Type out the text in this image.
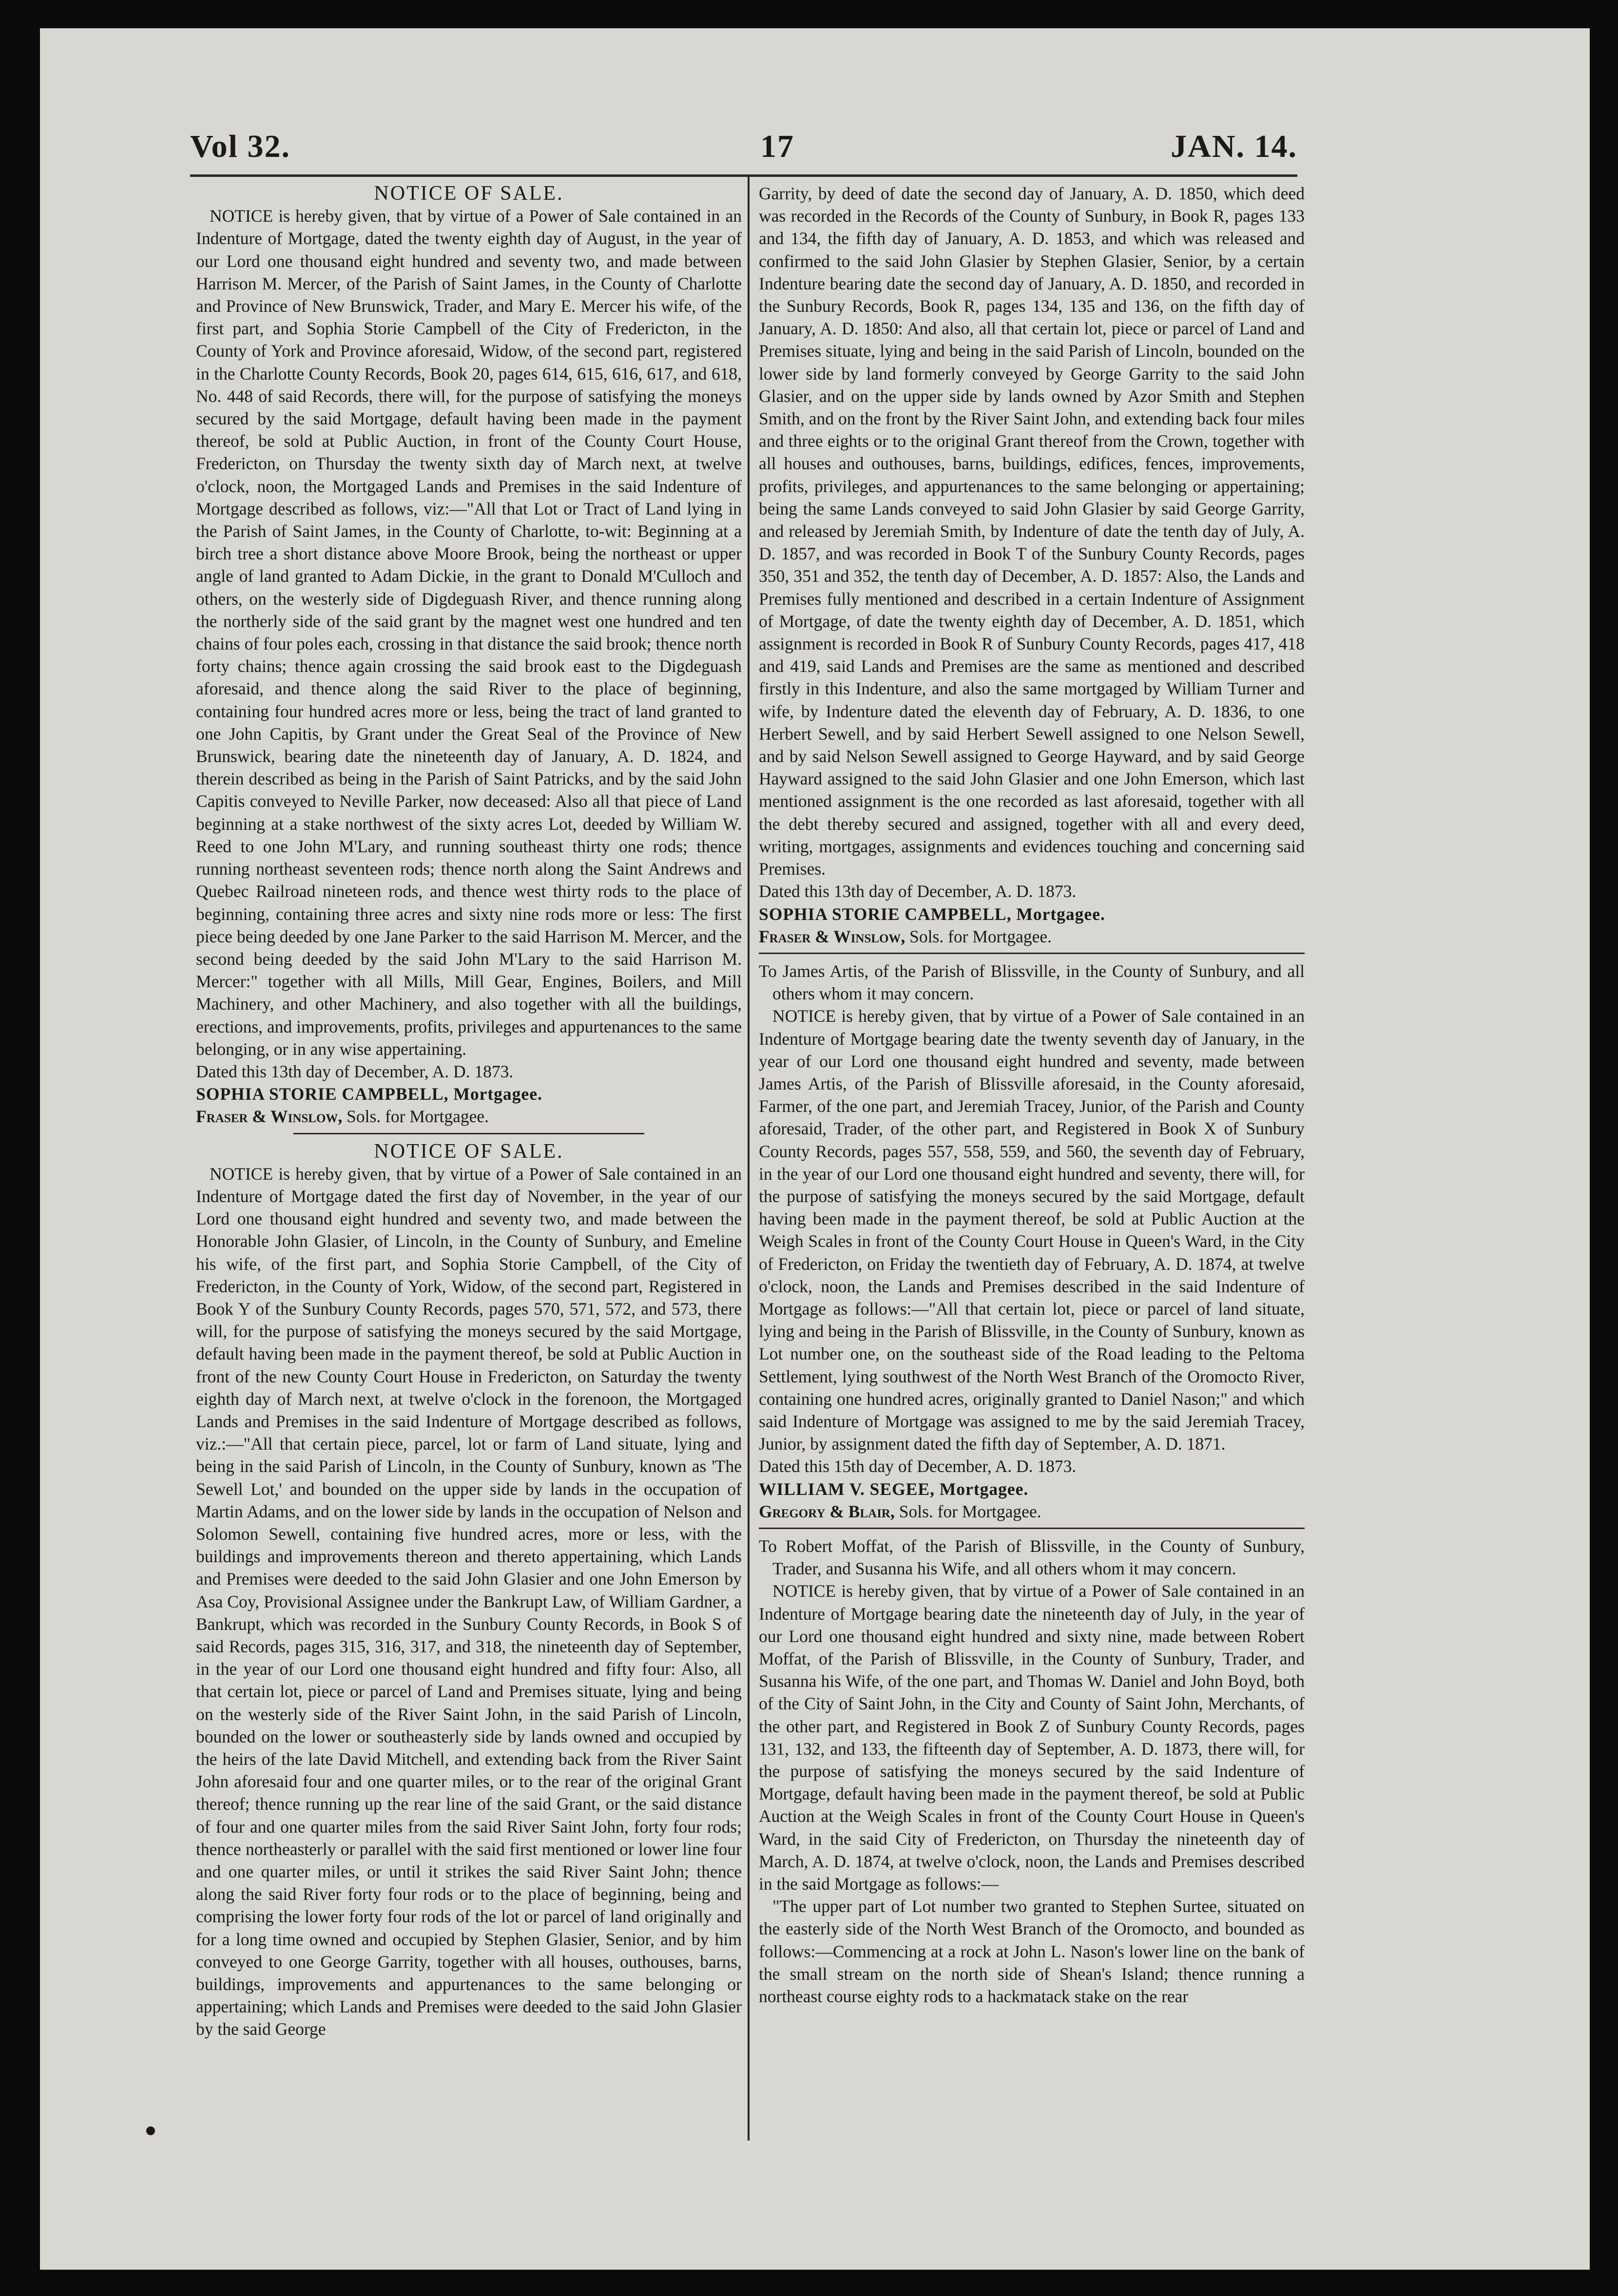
Vol 32.	17	JAN. 14.

NOTICE OF SALE.

NOTICE is hereby given, that by virtue of a Power of Sale contained in an Indenture of Mortgage, dated the twenty eighth day of August, in the year of our Lord one thousand eight hundred and seventy two, and made between Harrison M. Mercer, of the Parish of Saint James, in the County of Charlotte and Province of New Brunswick, Trader, and Mary E. Mercer his wife, of the first part, and Sophia Storie Campbell of the City of Fredericton, in the County of York and Province aforesaid, Widow, of the second part, registered in the Charlotte County Records, Book 20, pages 614, 615, 616, 617, and 618, No. 448 of said Records, there will, for the purpose of satisfying the moneys secured by the said Mortgage, default having been made in the payment thereof, be sold at Public Auction, in front of the County Court House, Fredericton, on Thursday the twenty sixth day of March next, at twelve o'clock, noon, the Mortgaged Lands and Premises in the said Indenture of Mortgage described as follows, viz:—"All that Lot or Tract of Land lying in the Parish of Saint James, in the County of Charlotte, to-wit: Beginning at a birch tree a short distance above Moore Brook, being the northeast or upper angle of land granted to Adam Dickie, in the grant to Donald M'Culloch and others, on the westerly side of Digdeguash River, and thence running along the northerly side of the said grant by the magnet west one hundred and ten chains of four poles each, crossing in that distance the said brook; thence north forty chains; thence again crossing the said brook east to the Digdeguash aforesaid, and thence along the said River to the place of beginning, containing four hundred acres more or less, being the tract of land granted to one John Capitis, by Grant under the Great Seal of the Province of New Brunswick, bearing date the nineteenth day of January, A. D. 1824, and therein described as being in the Parish of Saint Patricks, and by the said John Capitis conveyed to Neville Parker, now deceased: Also all that piece of Land beginning at a stake northwest of the sixty acres Lot, deeded by William W. Reed to one John M'Lary, and running southeast thirty one rods; thence running northeast seventeen rods; thence north along the Saint Andrews and Quebec Railroad nineteen rods, and thence west thirty rods to the place of beginning, containing three acres and sixty nine rods more or less: The first piece being deeded by one Jane Parker to the said Harrison M. Mercer, and the second being deeded by the said John M'Lary to the said Harrison M. Mercer:" together with all Mills, Mill Gear, Engines, Boilers, and Mill Machinery, and other Machinery, and also together with all the buildings, erections, and improvements, profits, privileges and appurtenances to the same belonging, or in any wise appertaining.

Dated this 13th day of December, A. D. 1873.

SOPHIA STORIE CAMPBELL, Mortgagee.

Fraser & Winslow, Sols. for Mortgagee.

NOTICE OF SALE.

NOTICE is hereby given, that by virtue of a Power of Sale contained in an Indenture of Mortgage dated the first day of November, in the year of our Lord one thousand eight hundred and seventy two, and made between the Honorable John Glasier, of Lincoln, in the County of Sunbury, and Emeline his wife, of the first part, and Sophia Storie Campbell, of the City of Fredericton, in the County of York, Widow, of the second part, Registered in Book Y of the Sunbury County Records, pages 570, 571, 572, and 573, there will, for the purpose of satisfying the moneys secured by the said Mortgage, default having been made in the payment thereof, be sold at Public Auction in front of the new County Court House in Fredericton, on Saturday the twenty eighth day of March next, at twelve o'clock in the forenoon, the Mortgaged Lands and Premises in the said Indenture of Mortgage described as follows, viz.:—"All that certain piece, parcel, lot or farm of Land situate, lying and being in the said Parish of Lincoln, in the County of Sunbury, known as 'The Sewell Lot,' and bounded on the upper side by lands in the occupation of Martin Adams, and on the lower side by lands in the occupation of Nelson and Solomon Sewell, containing five hundred acres, more or less, with the buildings and improvements thereon and thereto appertaining, which Lands and Premises were deeded to the said John Glasier and one John Emerson by Asa Coy, Provisional Assignee under the Bankrupt Law, of William Gardner, a Bankrupt, which was recorded in the Sunbury County Records, in Book S of said Records, pages 315, 316, 317, and 318, the nineteenth day of September, in the year of our Lord one thousand eight hundred and fifty four: Also, all that certain lot, piece or parcel of Land and Premises situate, lying and being on the westerly side of the River Saint John, in the said Parish of Lincoln, bounded on the lower or southeasterly side by lands owned and occupied by the heirs of the late David Mitchell, and extending back from the River Saint John aforesaid four and one quarter miles, or to the rear of the original Grant thereof; thence running up the rear line of the said Grant, or the said distance of four and one quarter miles from the said River Saint John, forty four rods; thence northeasterly or parallel with the said first mentioned or lower line four and one quarter miles, or until it strikes the said River Saint John; thence along the said River forty four rods or to the place of beginning, being and comprising the lower forty four rods of the lot or parcel of land originally and for a long time owned and occupied by Stephen Glasier, Senior, and by him conveyed to one George Garrity, together with all houses, outhouses, barns, buildings, improvements and appurtenances to the same belonging or appertaining; which Lands and Premises were deeded to the said John Glasier by the said George

Garrity, by deed of date the second day of January, A. D. 1850, which deed was recorded in the Records of the County of Sunbury, in Book R, pages 133 and 134, the fifth day of January, A. D. 1853, and which was released and confirmed to the said John Glasier by Stephen Glasier, Senior, by a certain Indenture bearing date the second day of January, A. D. 1850, and recorded in the Sunbury Records, Book R, pages 134, 135 and 136, on the fifth day of January, A. D. 1850: And also, all that certain lot, piece or parcel of Land and Premises situate, lying and being in the said Parish of Lincoln, bounded on the lower side by land formerly conveyed by George Garrity to the said John Glasier, and on the upper side by lands owned by Azor Smith and Stephen Smith, and on the front by the River Saint John, and extending back four miles and three eights or to the original Grant thereof from the Crown, together with all houses and outhouses, barns, buildings, edifices, fences, improvements, profits, privileges, and appurtenances to the same belonging or appertaining; being the same Lands conveyed to said John Glasier by said George Garrity, and released by Jeremiah Smith, by Indenture of date the tenth day of July, A. D. 1857, and was recorded in Book T of the Sunbury County Records, pages 350, 351 and 352, the tenth day of December, A. D. 1857: Also, the Lands and Premises fully mentioned and described in a certain Indenture of Assignment of Mortgage, of date the twenty eighth day of December, A. D. 1851, which assignment is recorded in Book R of Sunbury County Records, pages 417, 418 and 419, said Lands and Premises are the same as mentioned and described firstly in this Indenture, and also the same mortgaged by William Turner and wife, by Indenture dated the eleventh day of February, A. D. 1836, to one Herbert Sewell, and by said Herbert Sewell assigned to one Nelson Sewell, and by said Nelson Sewell assigned to George Hayward, and by said George Hayward assigned to the said John Glasier and one John Emerson, which last mentioned assignment is the one recorded as last aforesaid, together with all the debt thereby secured and assigned, together with all and every deed, writing, mortgages, assignments and evidences touching and concerning said Premises.

Dated this 13th day of December, A. D. 1873.

SOPHIA STORIE CAMPBELL, Mortgagee.

Fraser & Winslow, Sols. for Mortgagee.

To James Artis, of the Parish of Blissville, in the County of Sunbury, and all others whom it may concern.

NOTICE is hereby given, that by virtue of a Power of Sale contained in an Indenture of Mortgage bearing date the twenty seventh day of January, in the year of our Lord one thousand eight hundred and seventy, made between James Artis, of the Parish of Blissville aforesaid, in the County aforesaid, Farmer, of the one part, and Jeremiah Tracey, Junior, of the Parish and County aforesaid, Trader, of the other part, and Registered in Book X of Sunbury County Records, pages 557, 558, 559, and 560, the seventh day of February, in the year of our Lord one thousand eight hundred and seventy, there will, for the purpose of satisfying the moneys secured by the said Mortgage, default having been made in the payment thereof, be sold at Public Auction at the Weigh Scales in front of the County Court House in Queen's Ward, in the City of Fredericton, on Friday the twentieth day of February, A. D. 1874, at twelve o'clock, noon, the Lands and Premises described in the said Indenture of Mortgage as follows:—"All that certain lot, piece or parcel of land situate, lying and being in the Parish of Blissville, in the County of Sunbury, known as Lot number one, on the southeast side of the Road leading to the Peltoma Settlement, lying southwest of the North West Branch of the Oromocto River, containing one hundred acres, originally granted to Daniel Nason;" and which said Indenture of Mortgage was assigned to me by the said Jeremiah Tracey, Junior, by assignment dated the fifth day of September, A. D. 1871.

Dated this 15th day of December, A. D. 1873.

WILLIAM V. SEGEE, Mortgagee.

Gregory & Blair, Sols. for Mortgagee.

To Robert Moffat, of the Parish of Blissville, in the County of Sunbury, Trader, and Susanna his Wife, and all others whom it may concern.

NOTICE is hereby given, that by virtue of a Power of Sale contained in an Indenture of Mortgage bearing date the nineteenth day of July, in the year of our Lord one thousand eight hundred and sixty nine, made between Robert Moffat, of the Parish of Blissville, in the County of Sunbury, Trader, and Susanna his Wife, of the one part, and Thomas W. Daniel and John Boyd, both of the City of Saint John, in the City and County of Saint John, Merchants, of the other part, and Registered in Book Z of Sunbury County Records, pages 131, 132, and 133, the fifteenth day of September, A. D. 1873, there will, for the purpose of satisfying the moneys secured by the said Indenture of Mortgage, default having been made in the payment thereof, be sold at Public Auction at the Weigh Scales in front of the County Court House in Queen's Ward, in the said City of Fredericton, on Thursday the nineteenth day of March, A. D. 1874, at twelve o'clock, noon, the Lands and Premises described in the said Mortgage as follows:—

"The upper part of Lot number two granted to Stephen Surtee, situated on the easterly side of the North West Branch of the Oromocto, and bounded as follows:—Commencing at a rock at John L. Nason's lower line on the bank of the small stream on the north side of Shean's Island; thence running a northeast course eighty rods to a hackmatack stake on the rear
